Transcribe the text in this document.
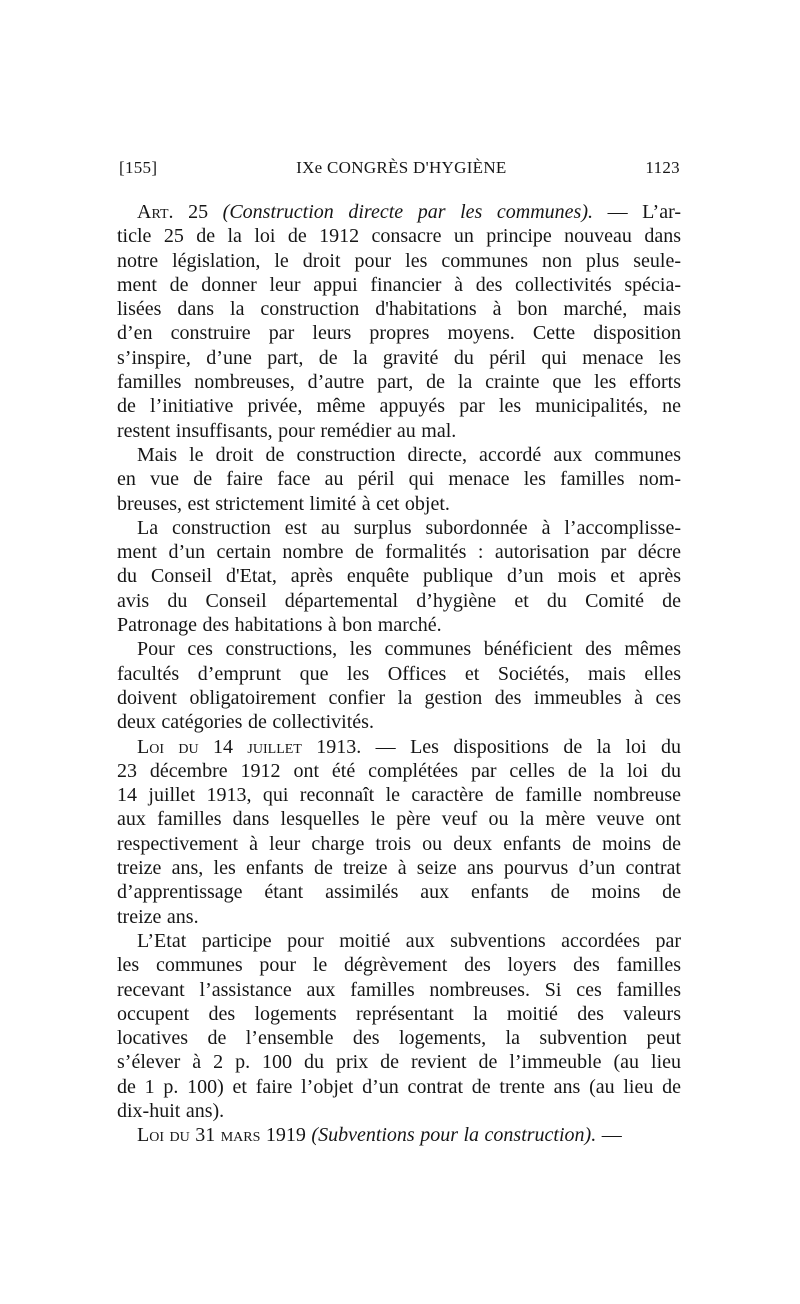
[155]	IXe CONGRÈS D'HYGIÈNE	1123
Art. 25 (Construction directe par les communes). — L’ar-
ticle 25 de la loi de 1912 consacre un principe nouveau dans
notre législation, le droit pour les communes non plus seule-
ment de donner leur appui financier à des collectivités spécia-
lisées dans la construction d'habitations à bon marché, mais
d’en construire par leurs propres moyens. Cette disposition
s’inspire, d’une part, de la gravité du péril qui menace les
familles nombreuses, d’autre part, de la crainte que les efforts
de l’initiative privée, même appuyés par les municipalités, ne
restent insuffisants, pour remédier au mal.
Mais le droit de construction directe, accordé aux communes
en vue de faire face au péril qui menace les familles nom-
breuses, est strictement limité à cet objet.
La construction est au surplus subordonnée à l’accomplisse-
ment d’un certain nombre de formalités : autorisation par décre
du Conseil d'Etat, après enquête publique d’un mois et après
avis du Conseil départemental d’hygiène et du Comité de
Patronage des habitations à bon marché.
Pour ces constructions, les communes bénéficient des mêmes
facultés d’emprunt que les Offices et Sociétés, mais elles
doivent obligatoirement confier la gestion des immeubles à ces
deux catégories de collectivités.
Loi du 14 juillet 1913. — Les dispositions de la loi du
23 décembre 1912 ont été complétées par celles de la loi du
14 juillet 1913, qui reconnaît le caractère de famille nombreuse
aux familles dans lesquelles le père veuf ou la mère veuve ont
respectivement à leur charge trois ou deux enfants de moins de
treize ans, les enfants de treize à seize ans pourvus d’un contrat
d’apprentissage étant assimilés aux enfants de moins de
treize ans.
L’Etat participe pour moitié aux subventions accordées par
les communes pour le dégrèvement des loyers des familles
recevant l’assistance aux familles nombreuses. Si ces familles
occupent des logements représentant la moitié des valeurs
locatives de l’ensemble des logements, la subvention peut
s’élever à 2 p. 100 du prix de revient de l’immeuble (au lieu
de 1 p. 100) et faire l’objet d’un contrat de trente ans (au lieu de
dix-huit ans).
Loi du 31 mars 1919 (Subventions pour la construction). —
